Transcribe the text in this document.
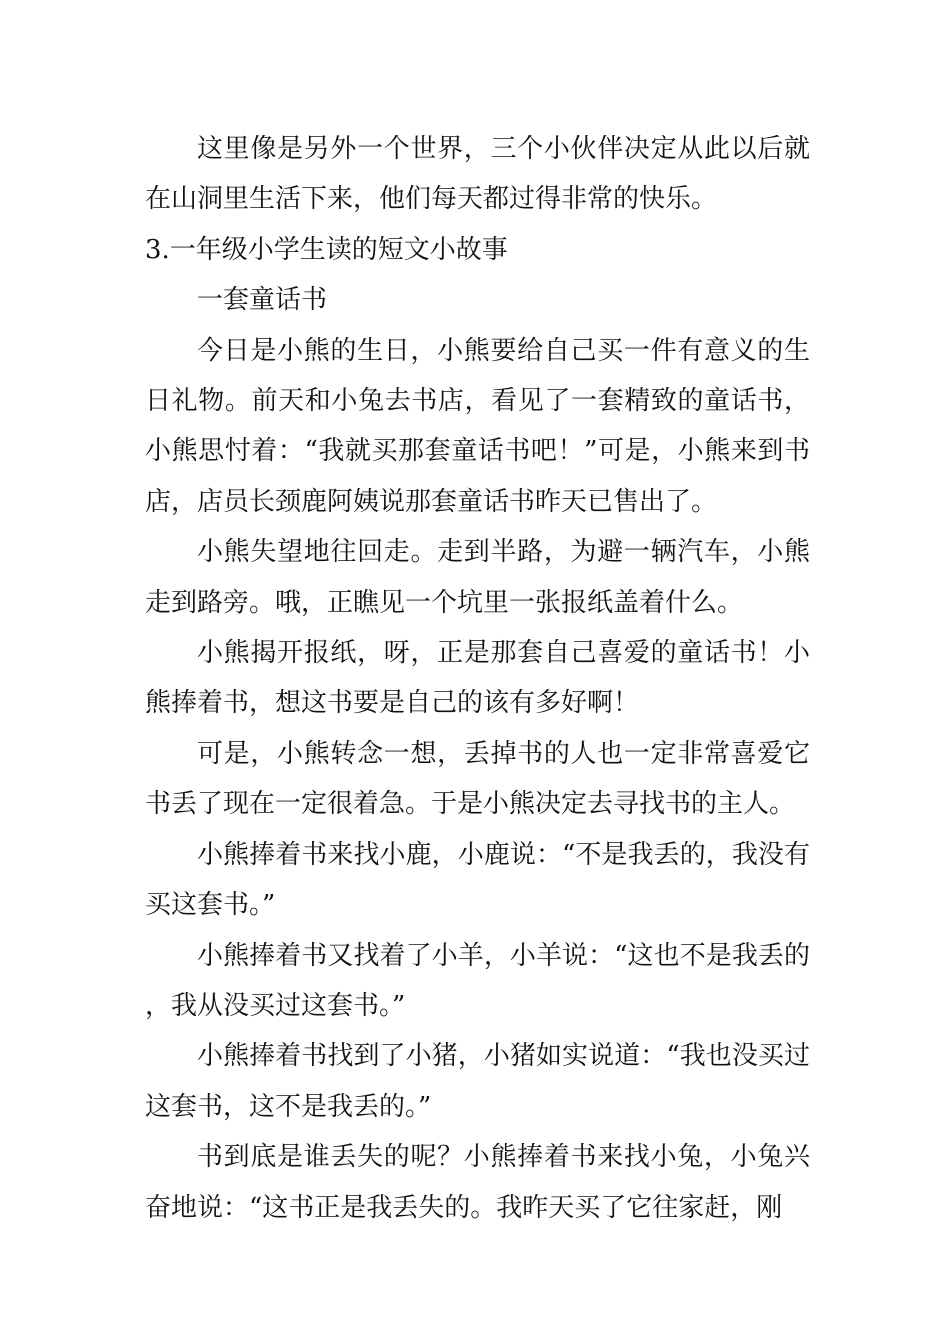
这里像是另外一个世界，三个小伙伴决定从此以后就在山洞里生活下来，他们每天都过得非常的快乐。

3.一年级小学生读的短文小故事

一套童话书

今日是小熊的生日，小熊要给自己买一件有意义的生日礼物。前天和小兔去书店，看见了一套精致的童话书，小熊思忖着：“我就买那套童话书吧！”可是，小熊来到书店，店员长颈鹿阿姨说那套童话书昨天已售出了。

小熊失望地往回走。走到半路，为避一辆汽车，小熊走到路旁。哦，正瞧见一个坑里一张报纸盖着什么。

小熊揭开报纸，呀，正是那套自己喜爱的童话书！小熊捧着书，想这书要是自己的该有多好啊！

可是，小熊转念一想，丢掉书的人也一定非常喜爱它书丢了现在一定很着急。于是小熊决定去寻找书的主人。

小熊捧着书来找小鹿，小鹿说：“不是我丢的，我没有买这套书。”

小熊捧着书又找着了小羊，小羊说：“这也不是我丢的，我从没买过这套书。”

小熊捧着书找到了小猪，小猪如实说道：“我也没买过这套书，这不是我丢的。”

书到底是谁丢失的呢？小熊捧着书来找小兔，小兔兴奋地说：“这书正是我丢失的。我昨天买了它往家赶，刚
